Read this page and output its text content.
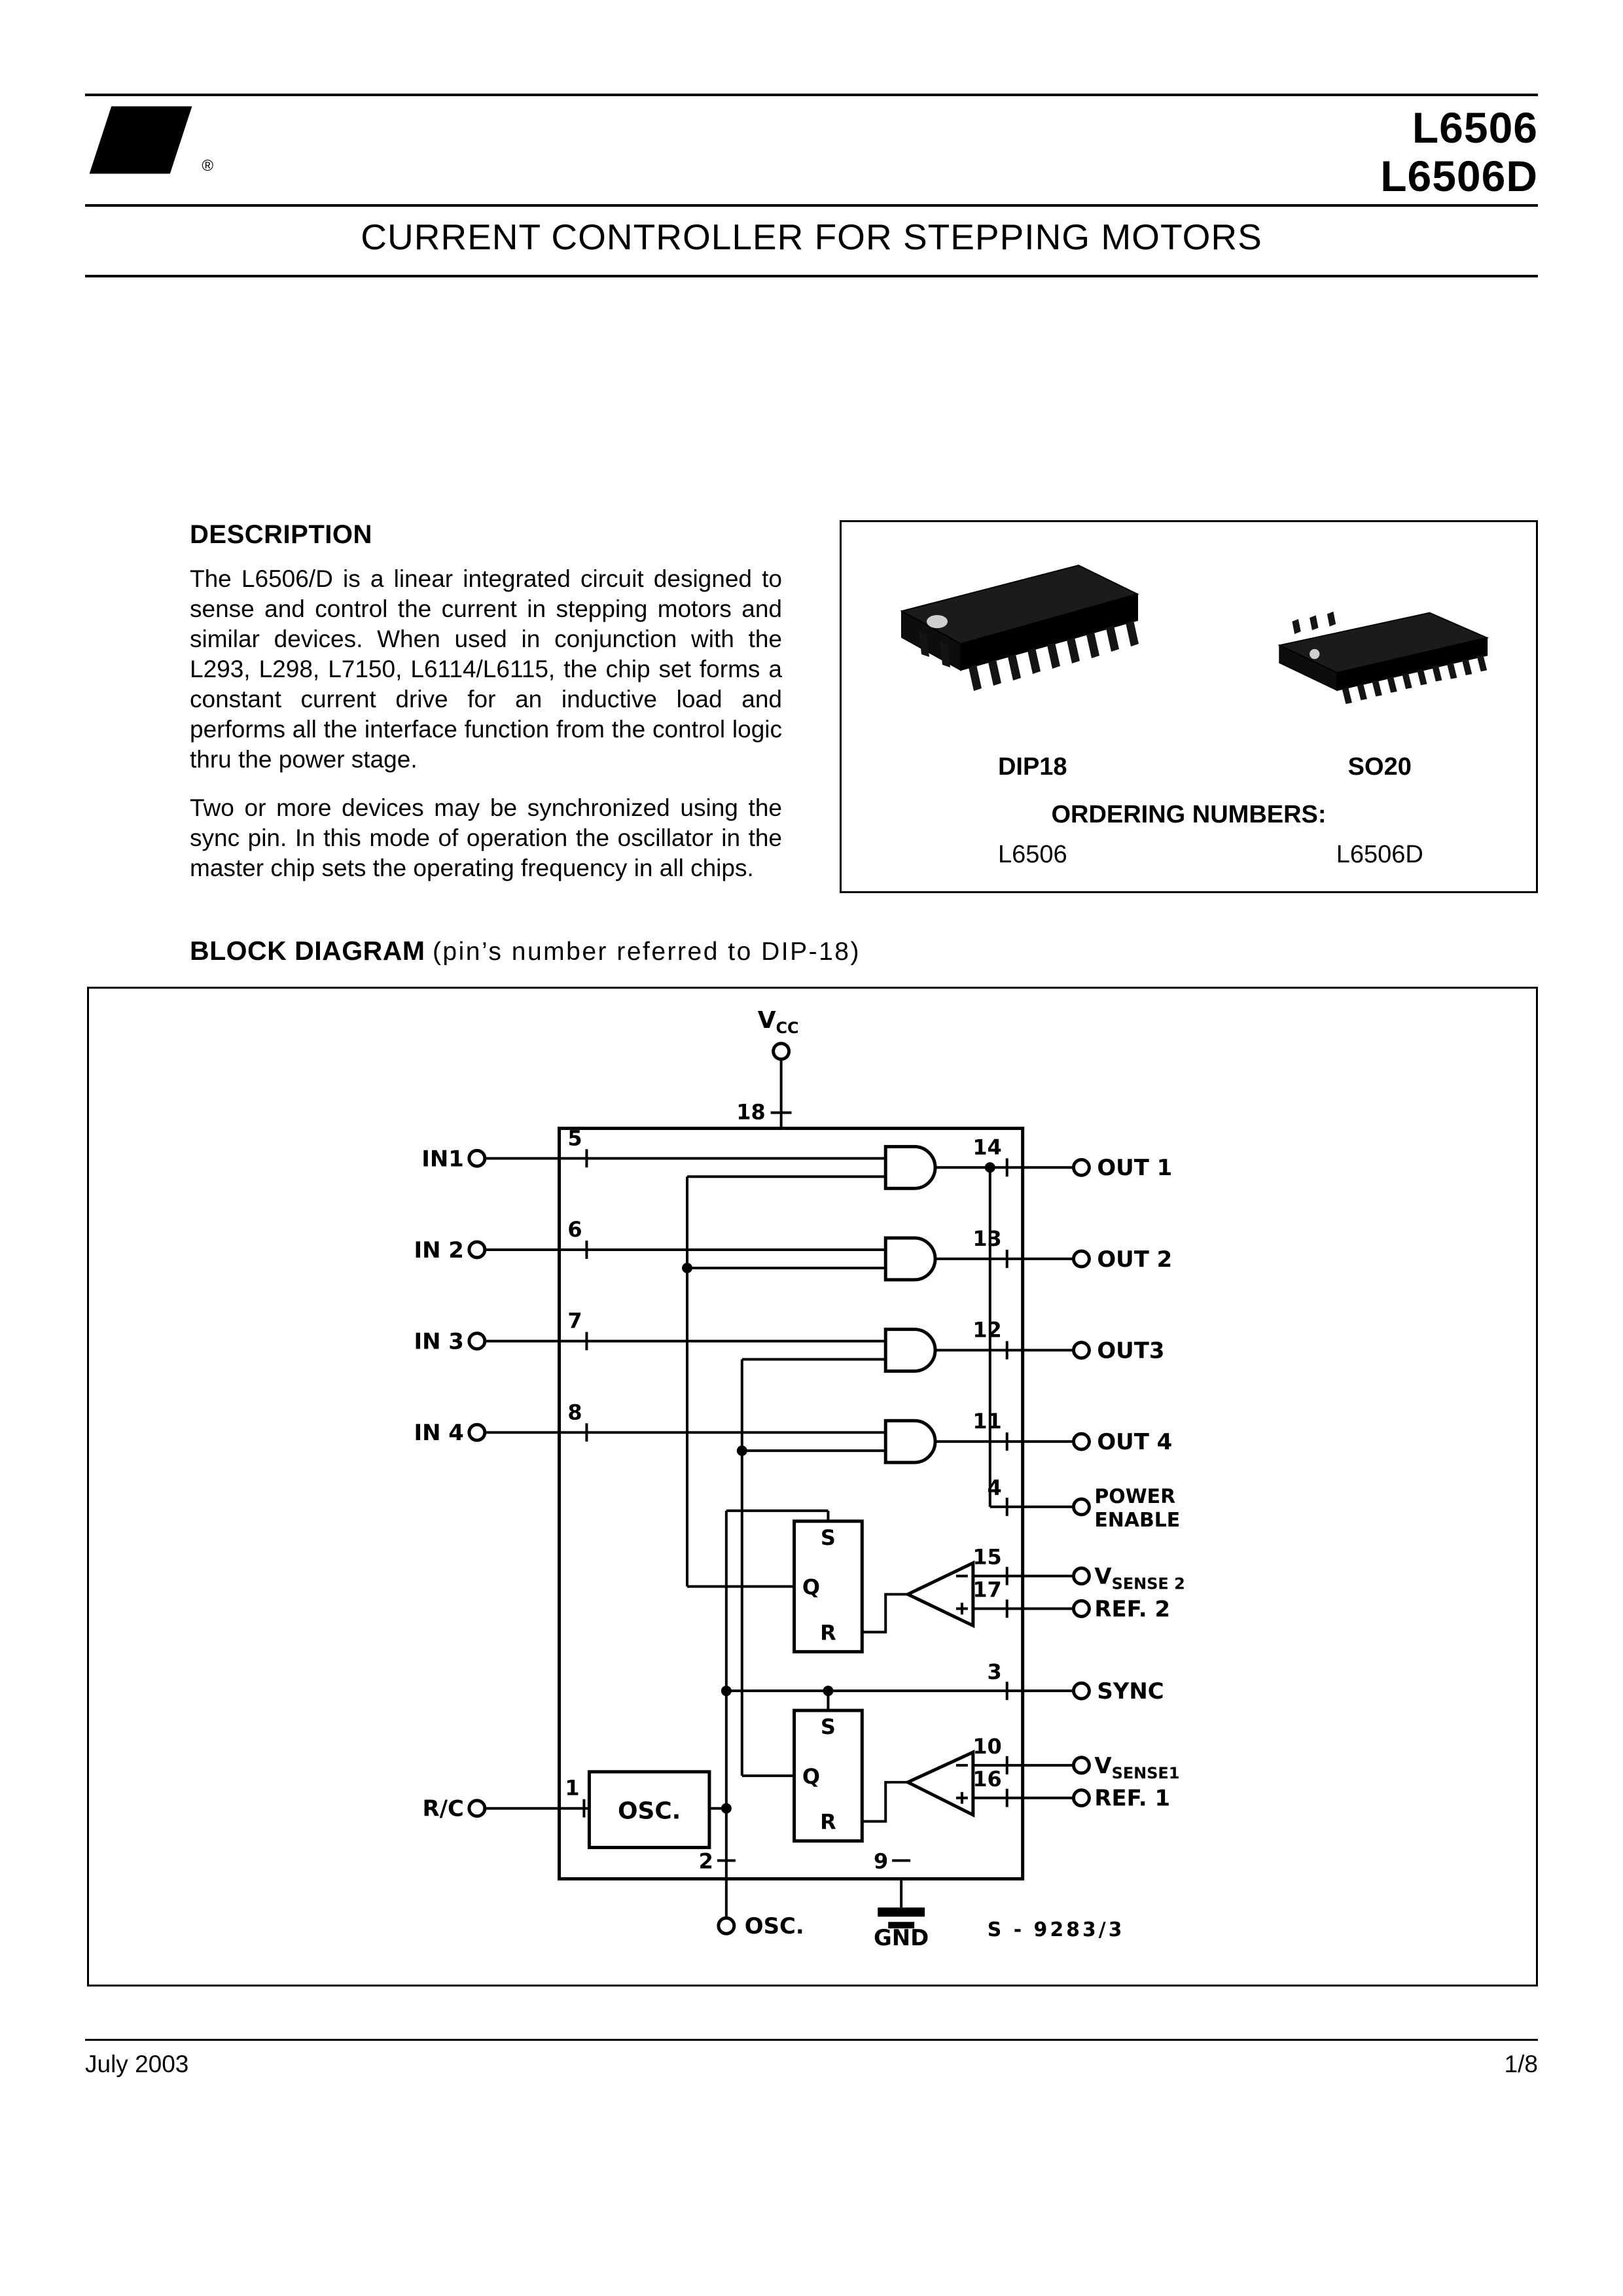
ST
®
L6506
L6506D
CURRENT CONTROLLER FOR STEPPING MOTORS
DESCRIPTION

The L6506/D is a linear integrated circuit designed to sense and control the current in stepping motors and similar devices. When used in conjunction with the L293, L298, L7150, L6114/L6115, the chip set forms a constant current drive for an inductive load and performs all the interface function from the control logic thru the power stage.

Two or more devices may be synchronized using the sync pin. In this mode of operation the oscillator in the master chip sets the operating frequency in all chips.

DIP18	SO20
ORDERING NUMBERS:
L6506	L6506D
BLOCK DIAGRAM (pin’s number referred to DIP-18)
S
Q
R
S
Q
R
OSC.
$V_{CC}$
18
IN1
IN 2
IN 3
IN 4
5
6
7
8
14
13
12
11
OUT 1
OUT 2
OUT3
OUT 4
4	POWER
ENABLE
15
$V_{SENSE 2}$
17
REF. 2
3
SYNC
10
$V_{SENSE1}$
16
REF. 1
R/C
1
2
OSC.
9
GND	S - 9283/3
July 2003	1/8
